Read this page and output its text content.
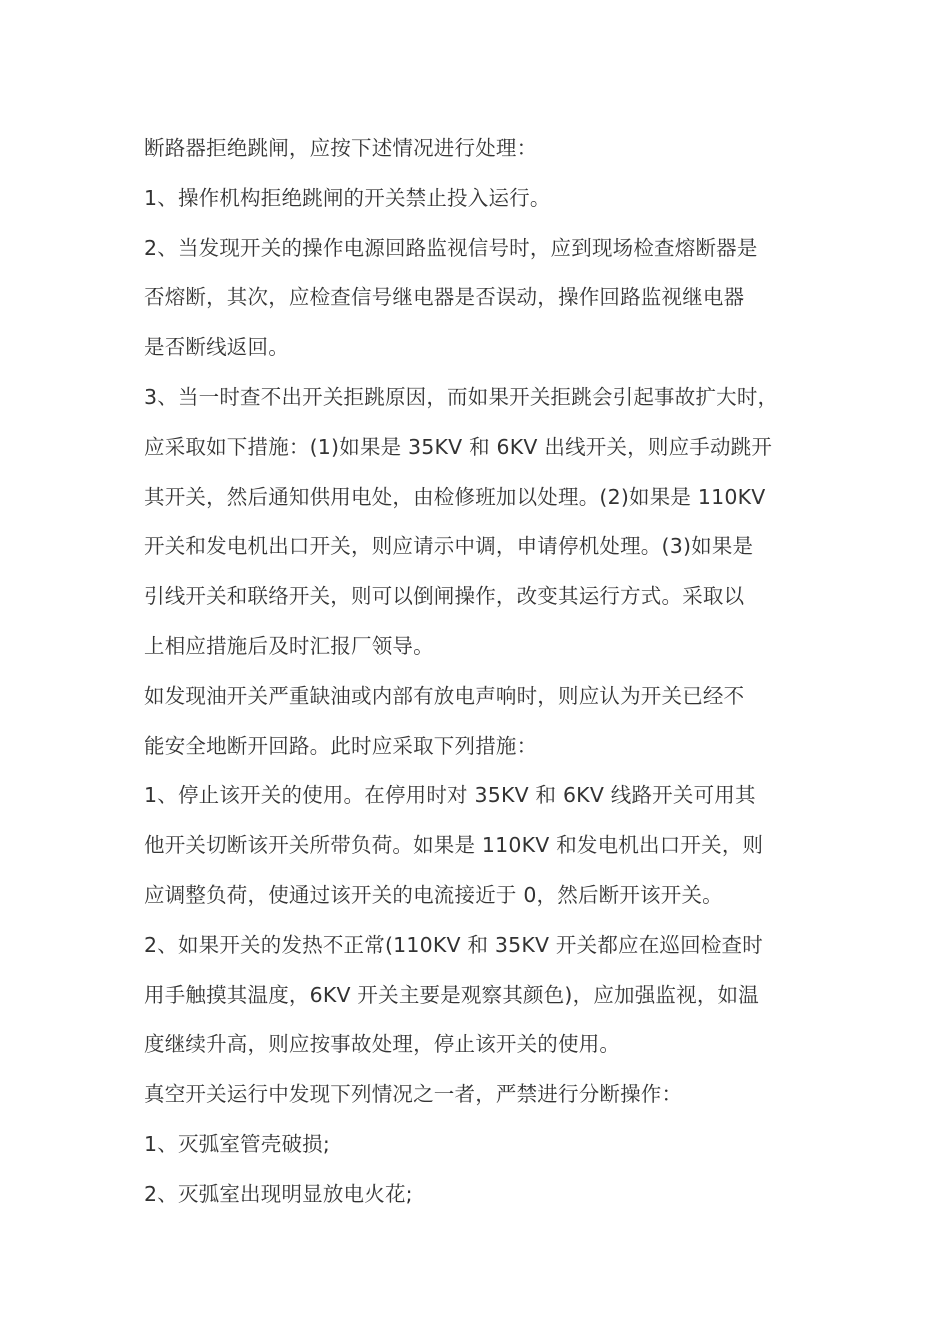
断路器拒绝跳闸，应按下述情况进行处理：
1、操作机构拒绝跳闸的开关禁止投入运行。
2、当发现开关的操作电源回路监视信号时，应到现场检查熔断器是
否熔断，其次，应检查信号继电器是否误动，操作回路监视继电器
是否断线返回。
3、当一时查不出开关拒跳原因，而如果开关拒跳会引起事故扩大时，
应采取如下措施：(1)如果是 35KV 和 6KV 出线开关，则应手动跳开
其开关，然后通知供用电处，由检修班加以处理。(2)如果是 110KV
开关和发电机出口开关，则应请示中调，申请停机处理。(3)如果是
引线开关和联络开关，则可以倒闸操作，改变其运行方式。采取以
上相应措施后及时汇报厂领导。
如发现油开关严重缺油或内部有放电声响时，则应认为开关已经不
能安全地断开回路。此时应采取下列措施：
1、停止该开关的使用。在停用时对 35KV 和 6KV 线路开关可用其
他开关切断该开关所带负荷。如果是 110KV 和发电机出口开关，则
应调整负荷，使通过该开关的电流接近于 0，然后断开该开关。
2、如果开关的发热不正常(110KV 和 35KV 开关都应在巡回检查时
用手触摸其温度，6KV 开关主要是观察其颜色)，应加强监视，如温
度继续升高，则应按事故处理，停止该开关的使用。
真空开关运行中发现下列情况之一者，严禁进行分断操作：
1、灭弧室管壳破损;
2、灭弧室出现明显放电火花;
